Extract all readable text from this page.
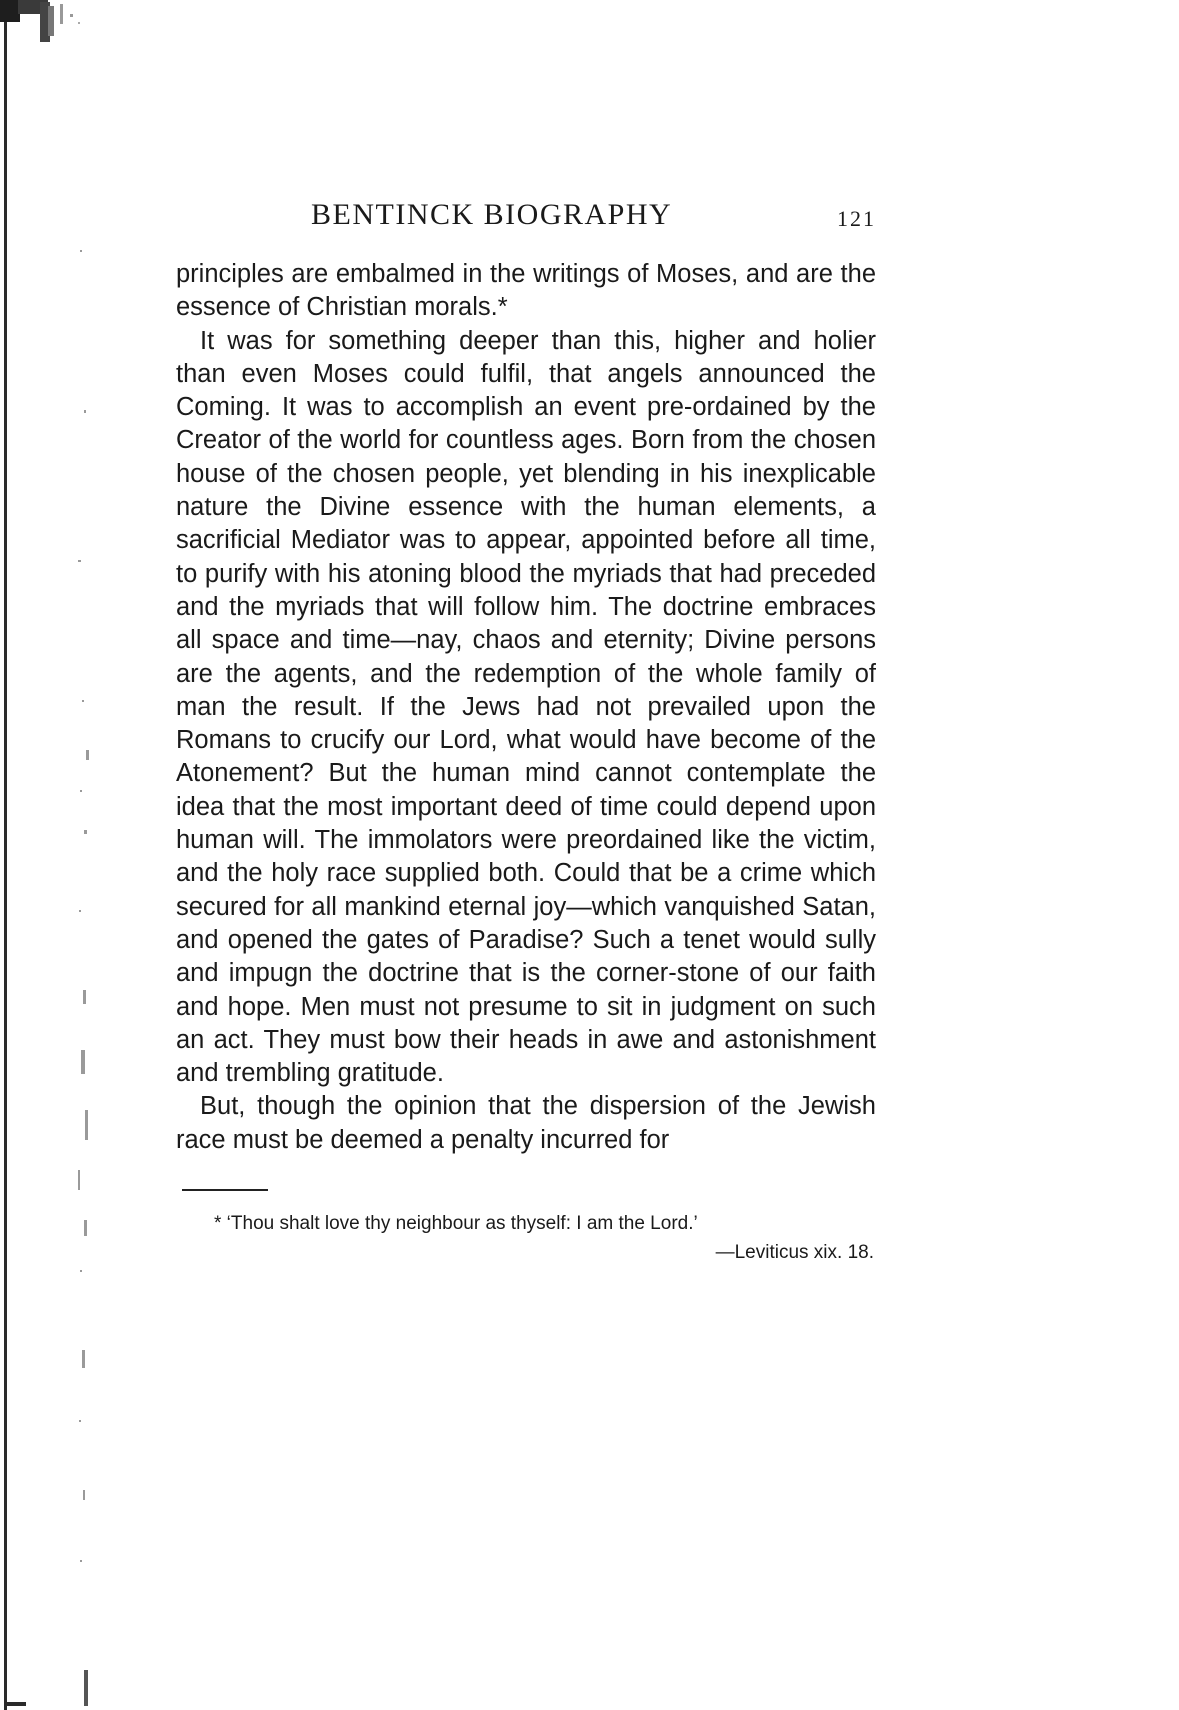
BENTINCK BIOGRAPHY	121

principles are embalmed in the writings of Moses, and are the essence of Christian morals.*

It was for something deeper than this, higher and holier than even Moses could fulfil, that angels announced the Coming. It was to accomplish an event pre-ordained by the Creator of the world for countless ages. Born from the chosen house of the chosen people, yet blending in his inexplicable nature the Divine essence with the human elements, a sacrificial Mediator was to appear, appointed before all time, to purify with his atoning blood the myriads that had preceded and the myriads that will follow him. The doctrine embraces all space and time—nay, chaos and eternity; Divine persons are the agents, and the redemption of the whole family of man the result. If the Jews had not prevailed upon the Romans to crucify our Lord, what would have become of the Atonement? But the human mind cannot contemplate the idea that the most important deed of time could depend upon human will. The immolators were preordained like the victim, and the holy race supplied both. Could that be a crime which secured for all mankind eternal joy—which vanquished Satan, and opened the gates of Paradise? Such a tenet would sully and impugn the doctrine that is the corner-stone of our faith and hope. Men must not presume to sit in judgment on such an act. They must bow their heads in awe and astonishment and trembling gratitude.

But, though the opinion that the dispersion of the Jewish race must be deemed a penalty incurred for

* ‘Thou shalt love thy neighbour as thyself: I am the Lord.’
—Leviticus xix. 18.
